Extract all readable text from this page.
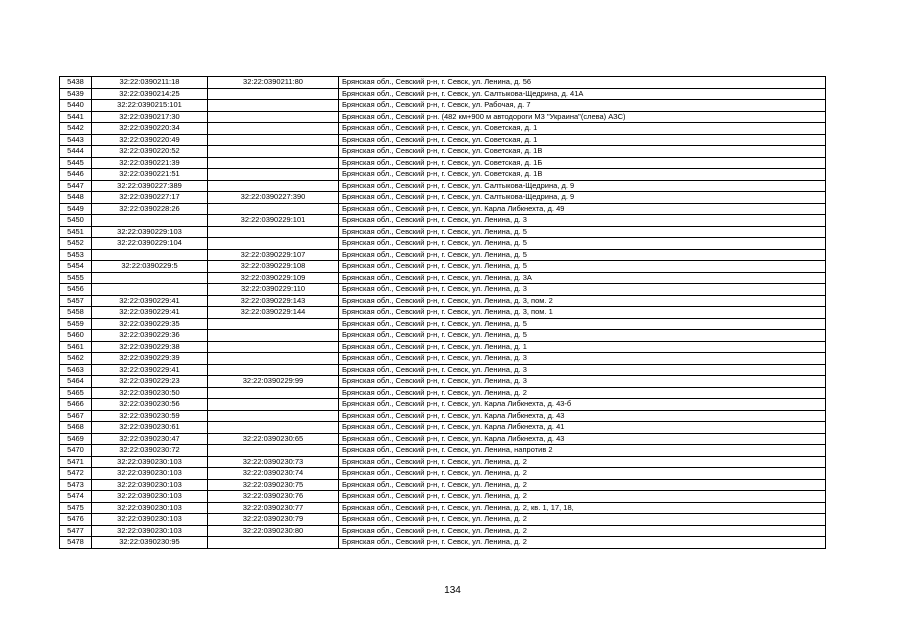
5438	32:22:0390211:18	32:22:0390211:80	Брянская обл., Севский р-н, г. Севск, ул. Ленина, д. 56
5439	32:22:0390214:25		Брянская обл., Севский р-н, г. Севск, ул. Салтыкова-Щедрина, д. 41А
5440	32:22:0390215:101		Брянская обл., Севский р-н, г. Севск, ул. Рабочая, д. 7
5441	32:22:0390217:30		Брянская обл., Севский р-н. (482 км+900 м автодороги М3 "Украина"(слева) АЗС)
5442	32:22:0390220:34		Брянская обл., Севский р-н, г. Севск, ул. Советская, д. 1
5443	32:22:0390220:49		Брянская обл., Севский р-н, г. Севск, ул. Советская, д. 1
5444	32:22:0390220:52		Брянская обл., Севский р-н, г. Севск, ул. Советская, д. 1В
5445	32:22:0390221:39		Брянская обл., Севский р-н, г. Севск, ул. Советская, д. 1Б
5446	32:22:0390221:51		Брянская обл., Севский р-н, г. Севск, ул. Советская, д. 1В
5447	32:22:0390227:389		Брянская обл., Севский р-н, г. Севск, ул. Салтыкова-Щедрина, д. 9
5448	32:22:0390227:17	32:22:0390227:390	Брянская обл., Севский р-н, г. Севск, ул. Салтыкова-Щедрина, д. 9
5449	32:22:0390228:26		Брянская обл., Севский р-н, г. Севск, ул. Карла Либкнехта, д. 49
5450		32:22:0390229:101	Брянская обл., Севский р-н, г. Севск, ул. Ленина, д. 3
5451	32:22:0390229:103		Брянская обл., Севский р-н, г. Севск, ул. Ленина, д. 5
5452	32:22:0390229:104		Брянская обл., Севский р-н, г. Севск, ул. Ленина, д. 5
5453		32:22:0390229:107	Брянская обл., Севский р-н, г. Севск, ул. Ленина, д. 5
5454	32:22:0390229:5	32:22:0390229:108	Брянская обл., Севский р-н, г. Севск, ул. Ленина, д. 5
5455		32:22:0390229:109	Брянская обл., Севский р-н, г. Севск, ул. Ленина, д. 3А
5456		32:22:0390229:110	Брянская обл., Севский р-н, г. Севск, ул. Ленина, д. 3
5457	32:22:0390229:41	32:22:0390229:143	Брянская обл., Севский р-н, г. Севск, ул. Ленина, д. 3, пом. 2
5458	32:22:0390229:41	32:22:0390229:144	Брянская обл., Севский р-н, г. Севск, ул. Ленина, д. 3, пом. 1
5459	32:22:0390229:35		Брянская обл., Севский р-н, г. Севск, ул. Ленина, д. 5
5460	32:22:0390229:36		Брянская обл., Севский р-н, г. Севск, ул. Ленина, д. 5
5461	32:22:0390229:38		Брянская обл., Севский р-н, г. Севск, ул. Ленина, д. 1
5462	32:22:0390229:39		Брянская обл., Севский р-н, г. Севск, ул. Ленина, д. 3
5463	32:22:0390229:41		Брянская обл., Севский р-н, г. Севск, ул. Ленина, д. 3
5464	32:22:0390229:23	32:22:0390229:99	Брянская обл., Севский р-н, г. Севск, ул. Ленина, д. 3
5465	32:22:0390230:50		Брянская обл., Севский р-н, г. Севск, ул. Ленина, д. 2
5466	32:22:0390230:56		Брянская обл., Севский р-н, г. Севск, ул. Карла Либкнехта, д. 43-б
5467	32:22:0390230:59		Брянская обл., Севский р-н, г. Севск, ул. Карла Либкнехта, д. 43
5468	32:22:0390230:61		Брянская обл., Севский р-н, г. Севск, ул. Карла Либкнехта, д. 41
5469	32:22:0390230:47	32:22:0390230:65	Брянская обл., Севский р-н, г. Севск, ул. Карла Либкнехта, д. 43
5470	32:22:0390230:72		Брянская обл., Севский р-н, г. Севск, ул. Ленина, напротив 2
5471	32:22:0390230:103	32:22:0390230:73	Брянская обл., Севский р-н, г. Севск, ул. Ленина, д. 2
5472	32:22:0390230:103	32:22:0390230:74	Брянская обл., Севский р-н, г. Севск, ул. Ленина, д. 2
5473	32:22:0390230:103	32:22:0390230:75	Брянская обл., Севский р-н, г. Севск, ул. Ленина, д. 2
5474	32:22:0390230:103	32:22:0390230:76	Брянская обл., Севский р-н, г. Севск, ул. Ленина, д. 2
5475	32:22:0390230:103	32:22:0390230:77	Брянская обл., Севский р-н, г. Севск, ул. Ленина, д. 2, кв. 1, 17, 18,
5476	32:22:0390230:103	32:22:0390230:79	Брянская обл., Севский р-н, г. Севск, ул. Ленина, д. 2
5477	32:22:0390230:103	32:22:0390230:80	Брянская обл., Севский р-н, г. Севск, ул. Ленина, д. 2
5478	32:22:0390230:95		Брянская обл., Севский р-н, г. Севск, ул. Ленина, д. 2
134
